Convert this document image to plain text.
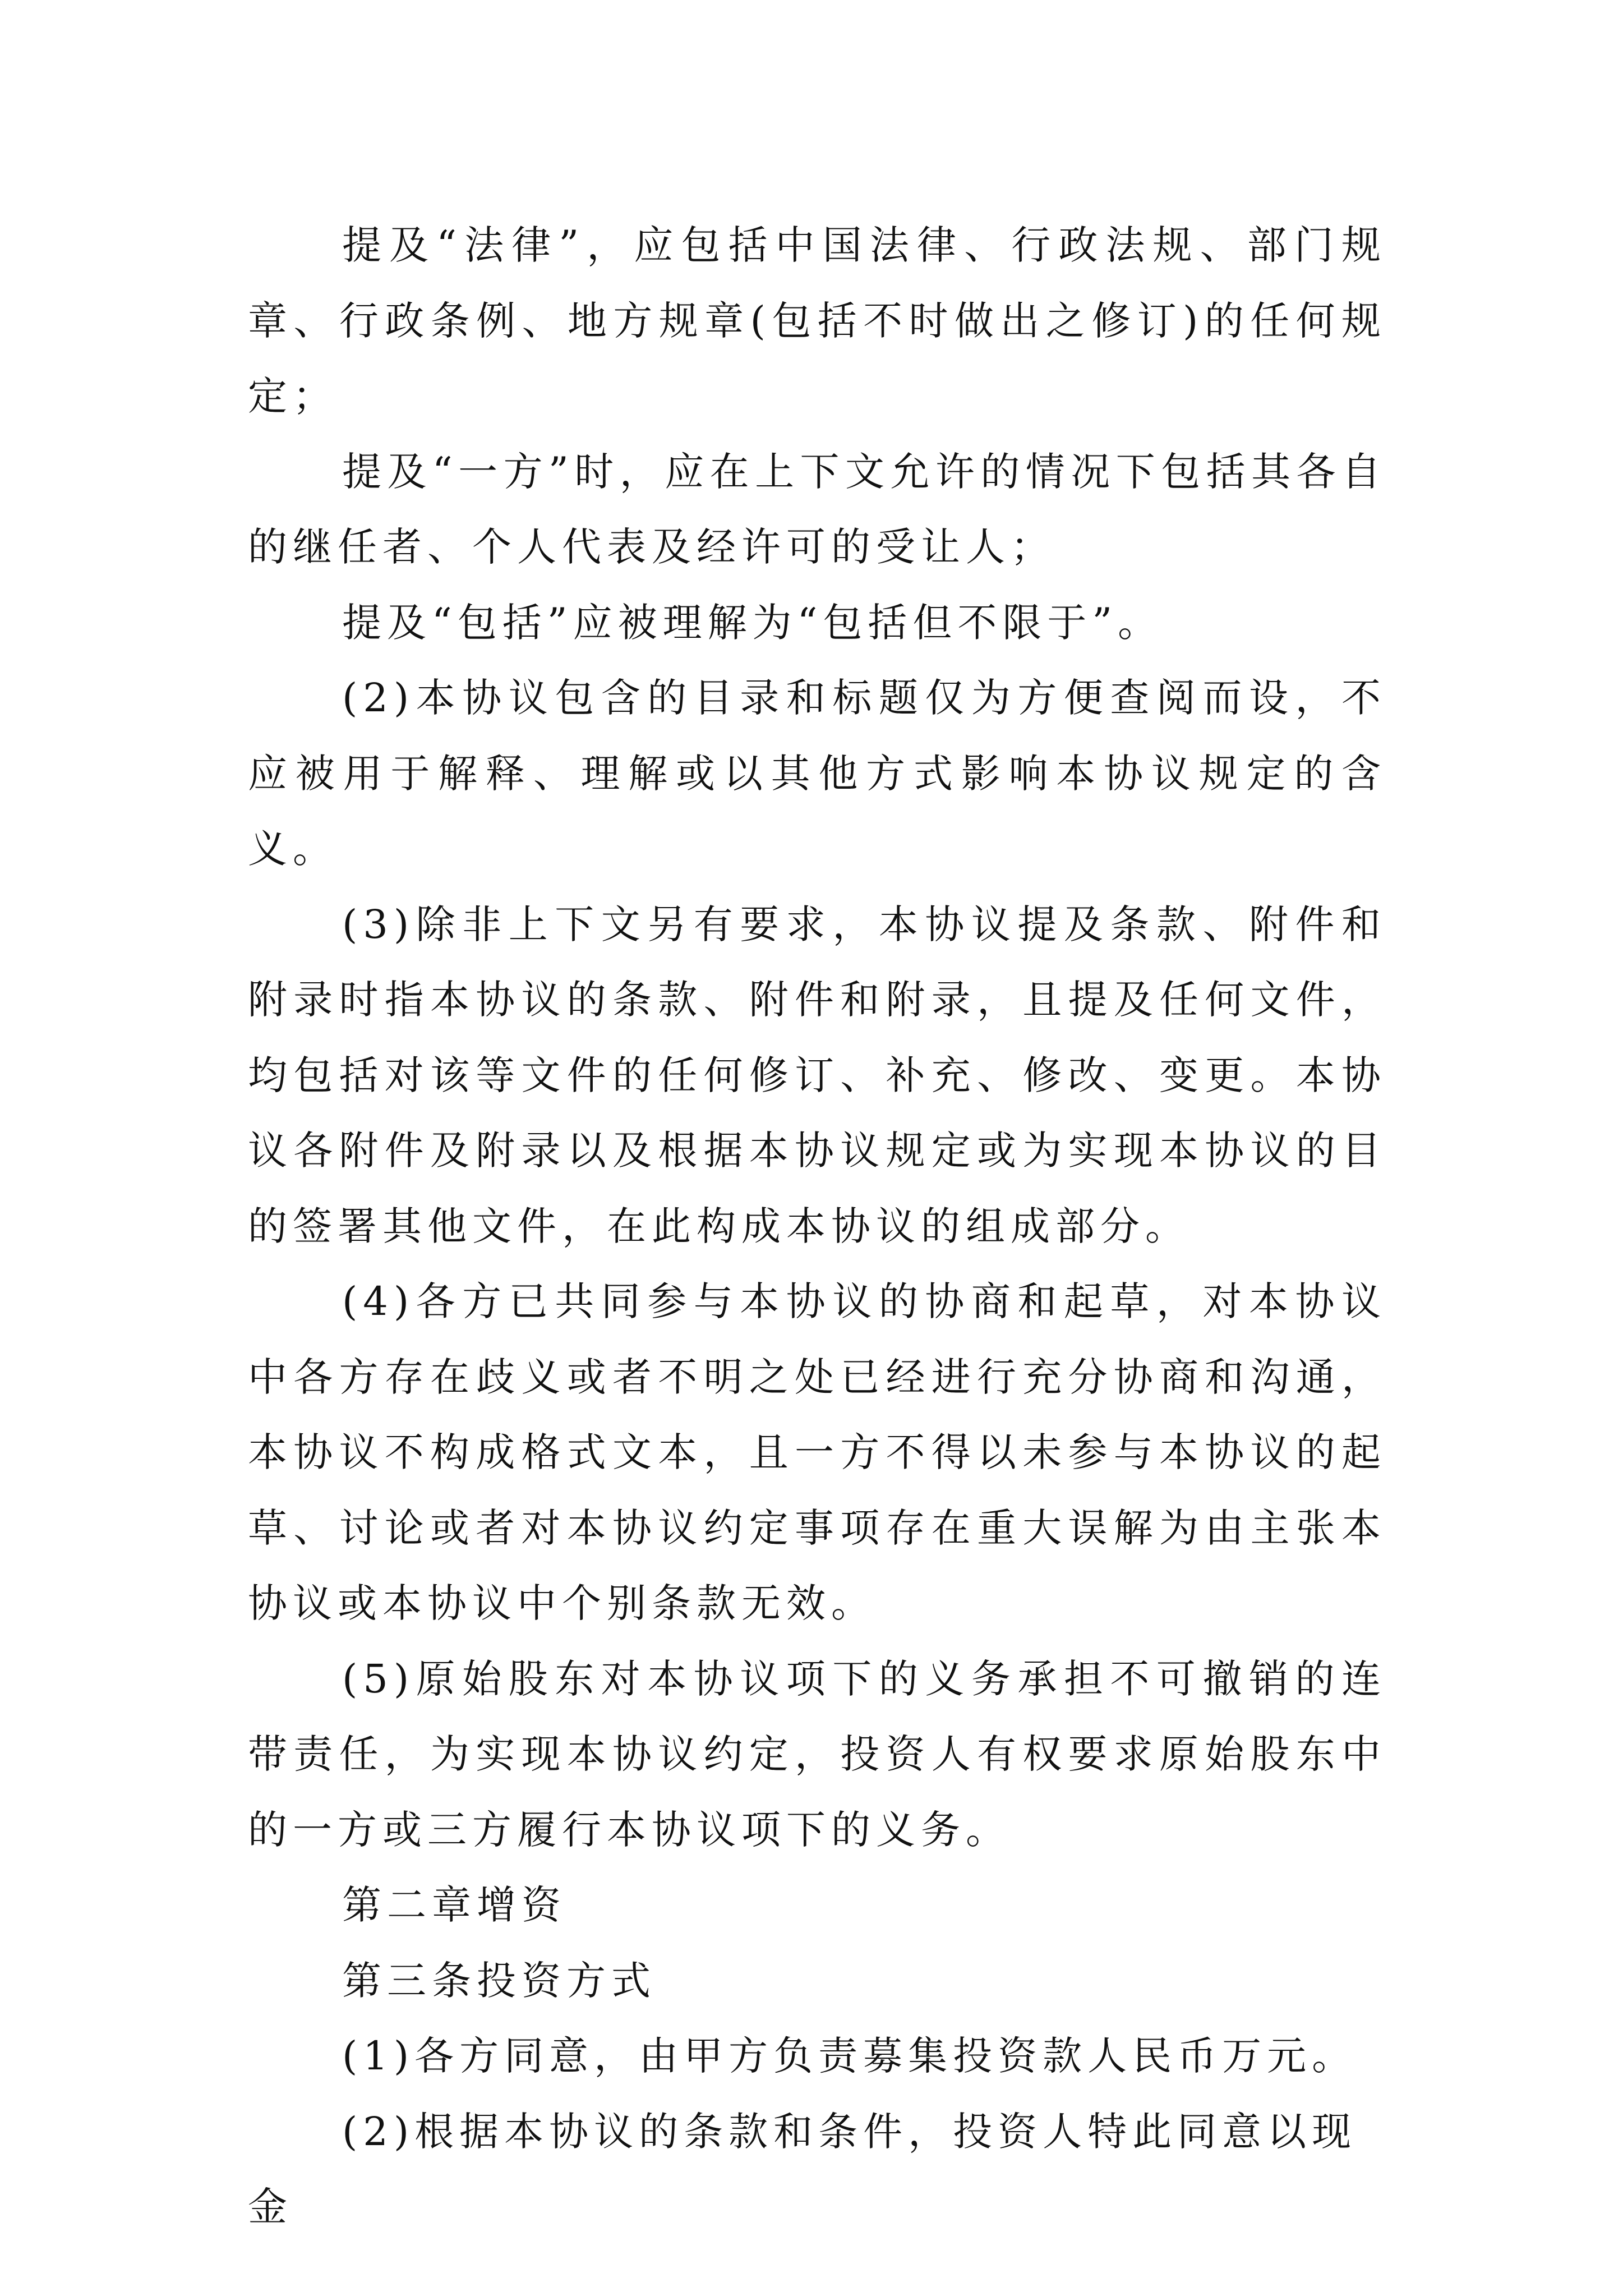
提及“法律”，应包括中国法律、行政法规、部门规章、行政条例、地方规章(包括不时做出之修订)的任何规定；

提及“一方”时，应在上下文允许的情况下包括其各自的继任者、个人代表及经许可的受让人；

提及“包括”应被理解为“包括但不限于”。

(2)本协议包含的目录和标题仅为方便查阅而设，不应被用于解释、理解或以其他方式影响本协议规定的含义。

(3)除非上下文另有要求，本协议提及条款、附件和附录时指本协议的条款、附件和附录，且提及任何文件，均包括对该等文件的任何修订、补充、修改、变更。本协议各附件及附录以及根据本协议规定或为实现本协议的目的签署其他文件，在此构成本协议的组成部分。

(4)各方已共同参与本协议的协商和起草，对本协议中各方存在歧义或者不明之处已经进行充分协商和沟通，本协议不构成格式文本，且一方不得以未参与本协议的起草、讨论或者对本协议约定事项存在重大误解为由主张本协议或本协议中个别条款无效。

(5)原始股东对本协议项下的义务承担不可撤销的连带责任，为实现本协议约定，投资人有权要求原始股东中的一方或三方履行本协议项下的义务。

第二章增资

第三条投资方式

(1)各方同意，由甲方负责募集投资款人民币万元。

(2)根据本协议的条款和条件，投资人特此同意以现金
